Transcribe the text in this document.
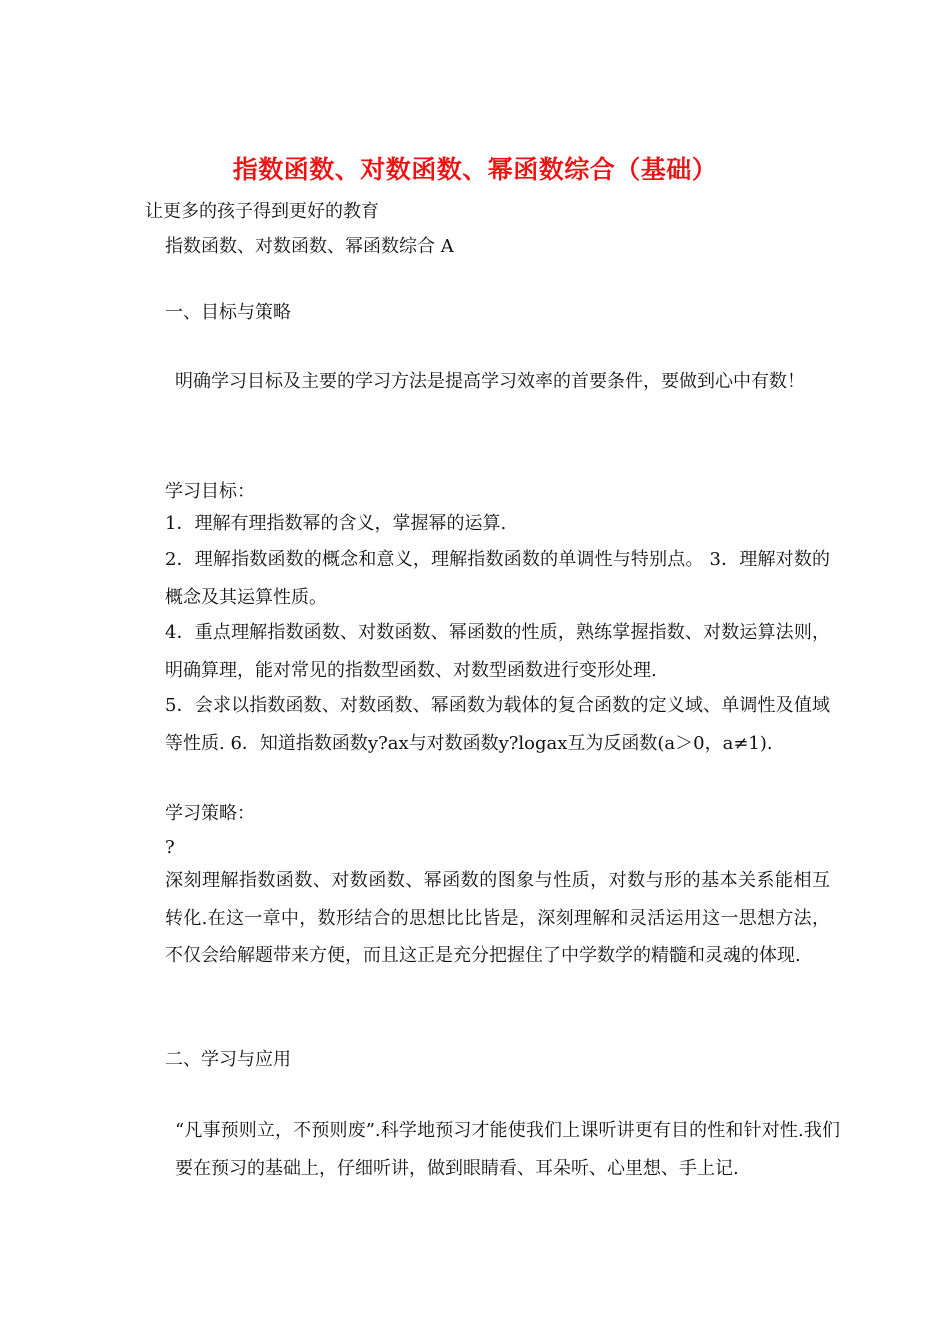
指数函数、对数函数、幂函数综合（基础）
让更多的孩子得到更好的教育
指数函数、对数函数、幂函数综合 A
一、目标与策略
明确学习目标及主要的学习方法是提高学习效率的首要条件，要做到心中有数！
学习目标：
1．理解有理指数幂的含义，掌握幂的运算.
2．理解指数函数的概念和意义，理解指数函数的单调性与特别点。 3．理解对数的概念及其运算性质。
4．重点理解指数函数、对数函数、幂函数的性质，熟练掌握指数、对数运算法则，明确算理，能对常见的指数型函数、对数型函数进行变形处理.
5．会求以指数函数、对数函数、幂函数为载体的复合函数的定义域、单调性及值域等性质. 6．知道指数函数y?ax与对数函数y?logax互为反函数(a＞0，a≠1).
学习策略：
?
深刻理解指数函数、对数函数、幂函数的图象与性质，对数与形的基本关系能相互转化.在这一章中，数形结合的思想比比皆是，深刻理解和灵活运用这一思想方法，不仅会给解题带来方便，而且这正是充分把握住了中学数学的精髓和灵魂的体现.
二、学习与应用
“凡事预则立，不预则废”.科学地预习才能使我们上课听讲更有目的性和针对性.我们要在预习的基础上，仔细听讲，做到眼睛看、耳朵听、心里想、手上记.
